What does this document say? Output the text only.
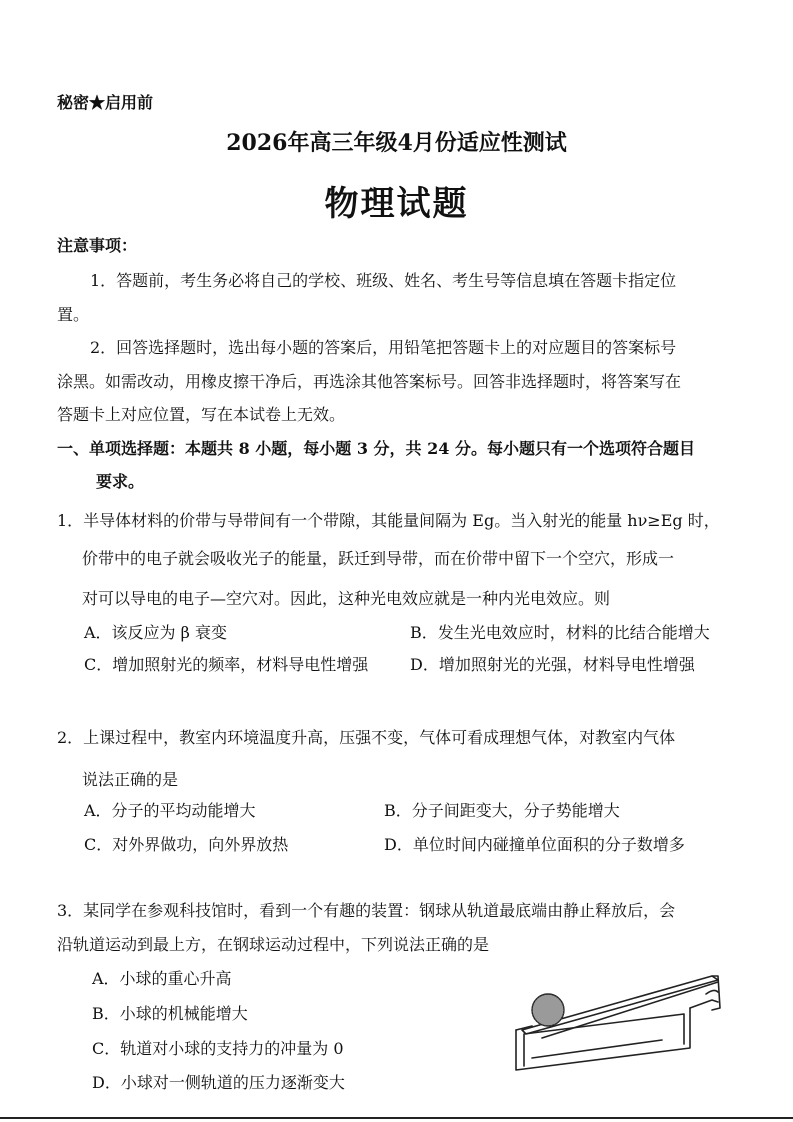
秘密★启用前
2026年高三年级4月份适应性测试
物理试题
注意事项：
1．答题前，考生务必将自己的学校、班级、姓名、考生号等信息填在答题卡指定位
置。
2．回答选择题时，选出每小题的答案后，用铅笔把答题卡上的对应题目的答案标号
涂黑。如需改动，用橡皮擦干净后，再选涂其他答案标号。回答非选择题时，将答案写在
答题卡上对应位置，写在本试卷上无效。
一、单项选择题：本题共 8 小题，每小题 3 分，共 24 分。每小题只有一个选项符合题目
要求。
1．半导体材料的价带与导带间有一个带隙，其能量间隔为 Eg。当入射光的能量 hν≥Eg 时，
价带中的电子就会吸收光子的能量，跃迁到导带，而在价带中留下一个空穴，形成一
对可以导电的电子—空穴对。因此，这种光电效应就是一种内光电效应。则
A．该反应为 β 衰变	B．发生光电效应时，材料的比结合能增大
C．增加照射光的频率，材料导电性增强	D．增加照射光的光强，材料导电性增强
2．上课过程中，教室内环境温度升高，压强不变，气体可看成理想气体，对教室内气体
说法正确的是
A．分子的平均动能增大	B．分子间距变大，分子势能增大
C．对外界做功，向外界放热	D．单位时间内碰撞单位面积的分子数增多
3．某同学在参观科技馆时，看到一个有趣的装置：钢球从轨道最底端由静止释放后，会
沿轨道运动到最上方，在钢球运动过程中，下列说法正确的是
A．小球的重心升高
B．小球的机械能增大
C．轨道对小球的支持力的冲量为 0
D．小球对一侧轨道的压力逐渐变大
